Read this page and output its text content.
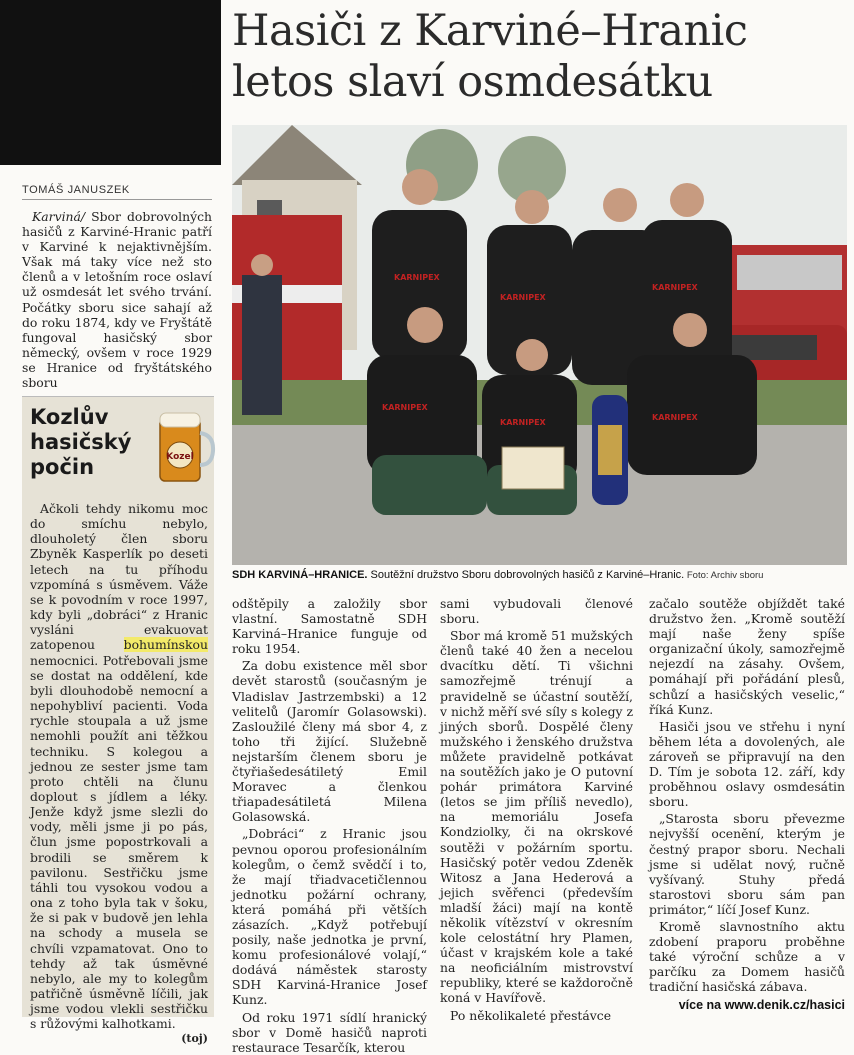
Hasiči z Karviné–Hranic
letos slaví osmdesátku
TOMÁŠ JANUSZEK

Karviná/ Sbor dobrovolných hasičů z Karviné-Hranic patří v Karviné k nejaktivnějším. Však má taky více než sto členů a v letošním roce oslaví už osmdesát let svého trvání. Počátky sboru sice sahají až do roku 1874, kdy ve Fryštátě fungoval hasičský sbor německý, ovšem v roce 1929 se Hranice od fryštátského sboru

Kozlův
hasičský
počin	Kozel

Ačkoli tehdy nikomu moc do smíchu nebylo, dlouholetý člen sboru Zbyněk Kasperlík po deseti letech na tu příhodu vzpomíná s úsměvem. Váže se k povodním v roce 1997, kdy byli „dobráci“ z Hranic vysláni evakuovat zatopenou bohumínskou nemocnici. Potřebovali jsme se dostat na oddělení, kde byli dlouhodobě nemocní a nepohybliví pacienti. Voda rychle stoupala a už jsme nemohli použít ani těžkou techniku. S kolegou a jednou ze sester jsme tam proto chtěli na člunu doplout s jídlem a léky. Jenže když jsme slezli do vody, měli jsme ji po pás, člun jsme popostrkovali a brodili se směrem k pavilonu. Sestřičku jsme táhli tou vysokou vodou a ona z toho byla tak v šoku, že si pak v budově jen lehla na schody a musela se chvíli vzpamatovat. Ono to tehdy až tak úsměvné nebylo, ale my to kolegům patřičně úsměvně líčili, jak jsme vodou vlekli sestřičku s růžovými kalhotkami.
(toj)

KARNIPEX
KARNIPEX
KARNIPEX
KARNIPEX
KARNIPEX
KARNIPEX
SDH KARVINÁ–HRANICE. Soutěžní družstvo Sboru dobrovolných hasičů z Karviné–Hranic. Foto: Archiv sboru

odštěpily a založily sbor vlastní. Samostatně SDH Karviná–Hranice funguje od roku 1954.

Za dobu existence měl sbor devět starostů (současným je Vladislav Jastrzembski) a 12 velitelů (Jaromír Golasowski). Zasloužilé členy má sbor 4, z toho tři žijící. Služebně nejstarším členem sboru je čtyřiašedesátiletý Emil Moravec a členkou třiapadesátiletá Milena Golasowská.

„Dobráci“ z Hranic jsou pevnou oporou profesionálním kolegům, o čemž svědčí i to, že mají třiadvacetičlennou jednotku požární ochrany, která pomáhá při větších zásazích. „Když potřebují posily, naše jednotka je první, komu profesionálové volají,“ dodává náměstek starosty SDH Karviná-Hranice Josef Kunz.

Od roku 1971 sídlí hranický sbor v Domě hasičů naproti restaurace Tesarčík, kterou

sami vybudovali členové sboru.

Sbor má kromě 51 mužských členů také 40 žen a necelou dvacítku dětí. Ti všichni samozřejmě trénují a pravidelně se účastní soutěží, v nichž měří své síly s kolegy z jiných sborů. Dospělé členy mužského i ženského družstva můžete pravidelně potkávat na soutěžích jako je O putovní pohár primátora Karviné (letos se jim příliš nevedlo), na memoriálu Josefa Kondziolky, či na okrskové soutěži v požárním sportu. Hasičský potěr vedou Zdeněk Witosz a Jana Hederová a jejich svěřenci (především mladší žáci) mají na kontě několik vítězství v okresním kole celostátní hry Plamen, účast v krajském kole a také na neoficiálním mistrovství republiky, které se každoročně koná v Havířově.

Po několikaleté přestávce

začalo soutěže objíždět také družstvo žen. „Kromě soutěží mají naše ženy spíše organizační úkoly, samozřejmě nejezdí na zásahy. Ovšem, pomáhají při pořádání plesů, schůzí a hasičských veselic,“ říká Kunz.

Hasiči jsou ve střehu i nyní během léta a dovolených, ale zároveň se připravují na den D. Tím je sobota 12. září, kdy proběhnou oslavy osmdesátin sboru.

„Starosta sboru převezme nejvyšší ocenění, kterým je čestný prapor sboru. Nechali jsme si udělat nový, ručně vyšívaný. Stuhy předá starostovi sboru sám pan primátor,“ líčí Josef Kunz.

Kromě slavnostního aktu zdobení praporu proběhne také výroční schůze a v parčíku za Domem hasičů tradiční hasičská zábava.

více na www.denik.cz/hasici
